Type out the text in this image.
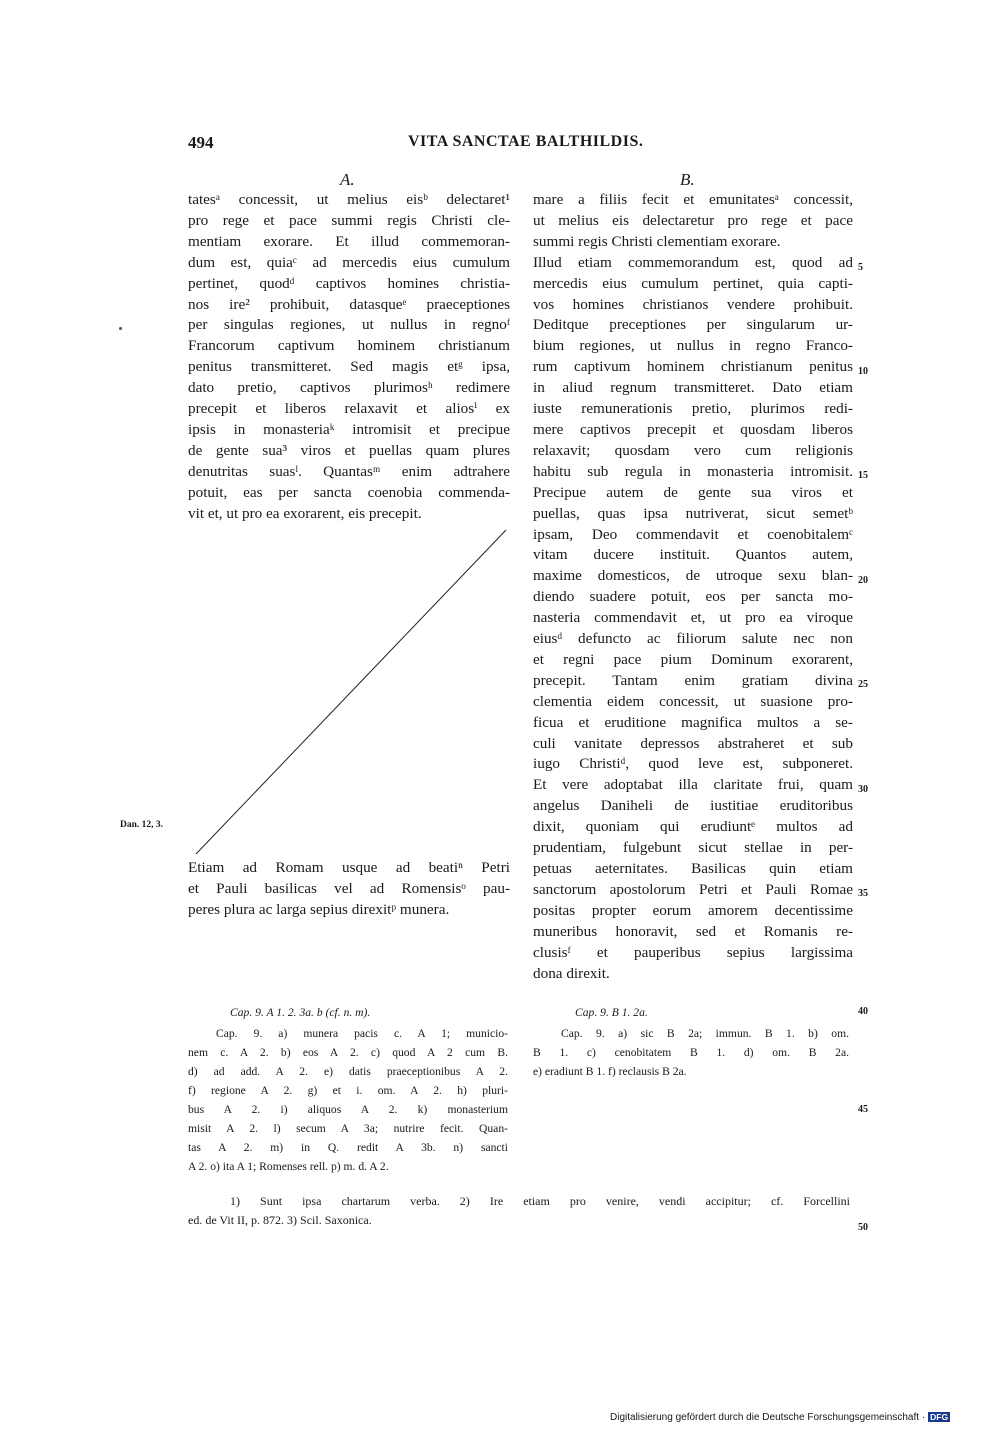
494	VITA SANCTAE BALTHILDIS.
A.	B.
tatesᵃ concessit, ut melius eisᵇ delectaret¹
pro rege et pace summi regis Christi cle-
mentiam exorare. Et illud commemoran-
dum est, quiaᶜ ad mercedis eius cumulum
pertinet, quodᵈ captivos homines christia-
nos ire² prohibuit, datasqueᵉ praeceptiones
per singulas regiones, ut nullus in regnoᶠ
Francorum captivum hominem christianum
penitus transmitteret. Sed magis etᵍ ipsa,
dato pretio, captivos plurimosʰ redimere
precepit et liberos relaxavit et aliosⁱ ex
ipsis in monasteriaᵏ intromisit et precipue
de gente sua³ viros et puellas quam plures
denutritas suasˡ. Quantasᵐ enim adtrahere
potuit, eas per sancta coenobia commenda-
vit et, ut pro ea exorarent, eis precepit.
Etiam ad Romam usque ad beatiⁿ Petri
et Pauli basilicas vel ad Romensisᵒ pau-
peres plura ac larga sepius direxitᵖ munera.
mare a filiis fecit et emunitatesᵃ concessit,
ut melius eis delectaretur pro rege et pace
summi regis Christi clementiam exorare.
Illud etiam commemorandum est, quod ad
mercedis eius cumulum pertinet, quia capti-
vos homines christianos vendere prohibuit.
Deditque preceptiones per singularum ur-
bium regiones, ut nullus in regno Franco-
rum captivum hominem christianum penitus
in aliud regnum transmitteret. Dato etiam
iuste remunerationis pretio, plurimos redi-
mere captivos precepit et quosdam liberos
relaxavit; quosdam vero cum religionis
habitu sub regula in monasteria intromisit.
Precipue autem de gente sua viros et
puellas, quas ipsa nutriverat, sicut semetᵇ
ipsam, Deo commendavit et coenobitalemᶜ
vitam ducere instituit. Quantos autem,
maxime domesticos, de utroque sexu blan-
diendo suadere potuit, eos per sancta mo-
nasteria commendavit et, ut pro ea viroque
eiusᵈ defuncto ac filiorum salute nec non
et regni pace pium Dominum exorarent,
precepit. Tantam enim gratiam divina
clementia eidem concessit, ut suasione pro-
ficua et eruditione magnifica multos a se-
culi vanitate depressos abstraheret et sub
iugo Christiᵈ, quod leve est, subponeret.
Et vere adoptabat illa claritate frui, quam
angelus Daniheli de iustitiae eruditoribus
dixit, quoniam qui erudiuntᵉ multos ad
prudentiam, fulgebunt sicut stellae in per-
petuas aeternitates. Basilicas quin etiam
sanctorum apostolorum Petri et Pauli Romae
positas propter eorum amorem decentissime
muneribus honoravit, sed et Romanis re-
clusisᶠ et pauperibus sepius largissima
dona direxit.
5
10
15
20
25
30
35
40
45
50
Dan. 12, 3.
Cap. 9. A 1. 2. 3a. b (cf. n. m).
Cap. 9. a) munera pacis c. A 1; municio-
nem c. A 2. b) eos A 2. c) quod A 2 cum B.
d) ad add. A 2. e) datis praeceptionibus A 2.
f) regione A 2. g) et i. om. A 2. h) pluri-
bus A 2. i) aliquos A 2. k) monasterium
misit A 2. l) secum A 3a; nutrire fecit. Quan-
tas A 2. m) in Q. redit A 3b. n) sancti
A 2. o) ita A 1; Romenses rell. p) m. d. A 2.
Cap. 9. B 1. 2a.
Cap. 9. a) sic B 2a; immun. B 1. b) om.
B 1. c) cenobitatem B 1. d) om. B 2a.
e) eradiunt B 1. f) reclausis B 2a.
1) Sunt ipsa chartarum verba. 2) Ire etiam pro venire, vendi accipitur; cf. Forcellini
ed. de Vit II, p. 872. 3) Scil. Saxonica.
Digitalisierung gefördert durch die Deutsche Forschungsgemeinschaft · DFG
